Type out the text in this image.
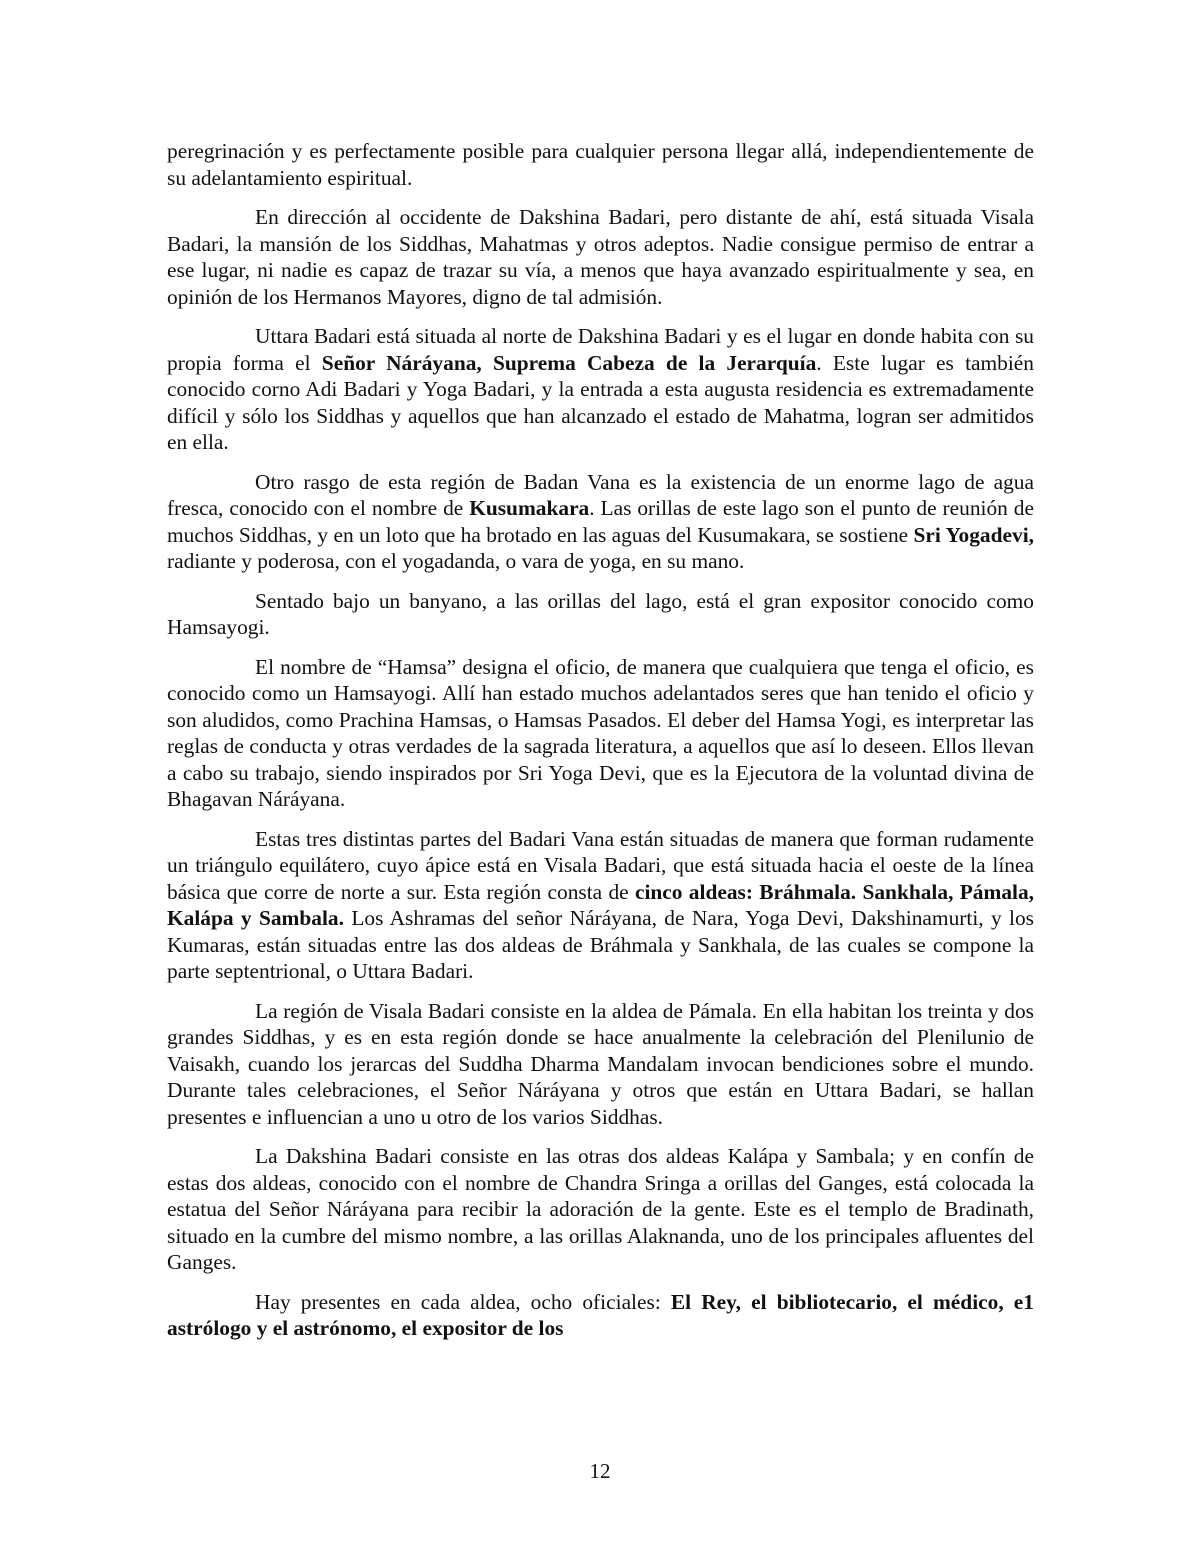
peregrinación y es perfectamente posible para cualquier persona llegar allá, independientemente de su adelantamiento espiritual.

En dirección al occidente de Dakshina Badari, pero distante de ahí, está situada Visala Badari, la mansión de los Siddhas, Mahatmas y otros adeptos. Nadie consigue permiso de entrar a ese lugar, ni nadie es capaz de trazar su vía, a menos que haya avanzado espiritualmente y sea, en opinión de los Hermanos Mayores, digno de tal admisión.

Uttara Badari está situada al norte de Dakshina Badari y es el lugar en donde habita con su propia forma el Señor Náráyana, Suprema Cabeza de la Jerarquía. Este lugar es también conocido corno Adi Badari y Yoga Badari, y la entrada a esta augusta residencia es extremadamente difícil y sólo los Siddhas y aquellos que han alcanzado el estado de Mahatma, logran ser admitidos en ella.

Otro rasgo de esta región de Badan Vana es la existencia de un enorme lago de agua fresca, conocido con el nombre de Kusumakara. Las orillas de este lago son el punto de reunión de muchos Siddhas, y en un loto que ha brotado en las aguas del Kusumakara, se sostiene Sri Yogadevi, radiante y poderosa, con el yogadanda, o vara de yoga, en su mano.

Sentado bajo un banyano, a las orillas del lago, está el gran expositor conocido como Hamsayogi.

El nombre de “Hamsa” designa el oficio, de manera que cualquiera que tenga el oficio, es conocido como un Hamsayogi. Allí han estado muchos adelantados seres que han tenido el oficio y son aludidos, como Prachina Hamsas, o Hamsas Pasados. El deber del Hamsa Yogi, es interpretar las reglas de conducta y otras verdades de la sagrada literatura, a aquellos que así lo deseen. Ellos llevan a cabo su trabajo, siendo inspirados por Sri Yoga Devi, que es la Ejecutora de la voluntad divina de Bhagavan Náráyana.

Estas tres distintas partes del Badari Vana están situadas de manera que forman rudamente un triángulo equilátero, cuyo ápice está en Visala Badari, que está situada hacia el oeste de la línea básica que corre de norte a sur. Esta región consta de cinco aldeas: Bráhmala. Sankhala, Pámala, Kalápa y Sambala. Los Ashramas del señor Náráyana, de Nara, Yoga Devi, Dakshinamurti, y los Kumaras, están situadas entre las dos aldeas de Bráhmala y Sankhala, de las cuales se compone la parte septentrional, o Uttara Badari.

La región de Visala Badari consiste en la aldea de Pámala. En ella habitan los treinta y dos grandes Siddhas, y es en esta región donde se hace anualmente la celebración del Plenilunio de Vaisakh, cuando los jerarcas del Suddha Dharma Mandalam invocan bendiciones sobre el mundo. Durante tales celebraciones, el Señor Náráyana y otros que están en Uttara Badari, se hallan presentes e influencian a uno u otro de los varios Siddhas.

La Dakshina Badari consiste en las otras dos aldeas Kalápa y Sambala; y en confín de estas dos aldeas, conocido con el nombre de Chandra Sringa a orillas del Ganges, está colocada la estatua del Señor Náráyana para recibir la adoración de la gente. Este es el templo de Bradinath, situado en la cumbre del mismo nombre, a las orillas Alaknanda, uno de los principales afluentes del Ganges.

Hay presentes en cada aldea, ocho oficiales: El Rey, el bibliotecario, el médico, e1 astrólogo y el astrónomo, el expositor de los

12
